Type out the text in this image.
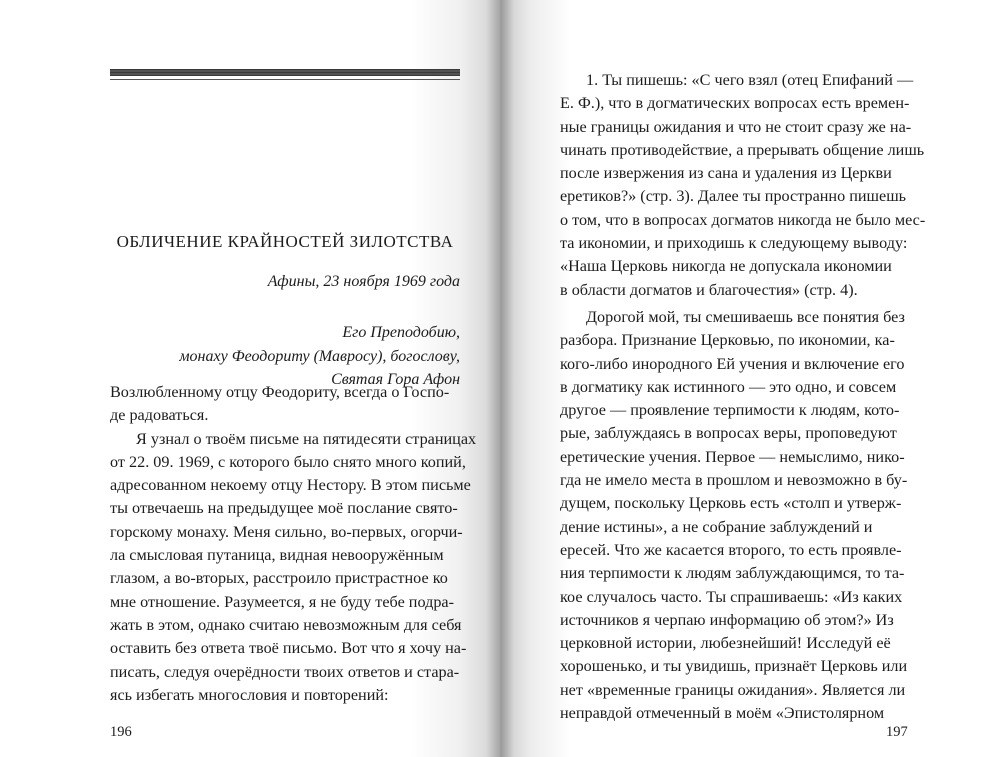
ОБЛИЧЕНИЕ КРАЙНОСТЕЙ ЗИЛОТСТВА
Афины, 23 ноября 1969 года
Его Преподобию,
монаху Феодориту (Мавросу), богослову,
Святая Гора Афон
Возлюбленному отцу Феодориту, всегда о Госпо-
де радоваться.
Я узнал о твоём письме на пятидесяти страницах
от 22. 09. 1969, с которого было снято много копий,
адресованном некоему отцу Нестору. В этом письме
ты отвечаешь на предыдущее моё послание свято-
горскому монаху. Меня сильно, во-первых, огорчи-
ла смысловая путаница, видная невооружённым
глазом, а во-вторых, расстроило пристрастное ко
мне отношение. Разумеется, я не буду тебе подра-
жать в этом, однако считаю невозможным для себя
оставить без ответа твоё письмо. Вот что я хочу на-
писать, следуя очерёдности твоих ответов и стара-
ясь избегать многословия и повторений:
196
1. Ты пишешь: «С чего взял (отец Епифаний —
Е. Ф.), что в догматических вопросах есть времен-
ные границы ожидания и что не стоит сразу же на-
чинать противодействие, а прерывать общение лишь
после извержения из сана и удаления из Церкви
еретиков?» (стр. 3). Далее ты пространно пишешь
о том, что в вопросах догматов никогда не было мес-
та икономии, и приходишь к следующему выводу:
«Наша Церковь никогда не допускала икономии
в области догматов и благочестия» (стр. 4).
Дорогой мой, ты смешиваешь все понятия без
разбора. Признание Церковью, по икономии, ка-
кого-либо инородного Ей учения и включение его
в догматику как истинного — это одно, и совсем
другое — проявление терпимости к людям, кото-
рые, заблуждаясь в вопросах веры, проповедуют
еретические учения. Первое — немыслимо, нико-
гда не имело места в прошлом и невозможно в бу-
дущем, поскольку Церковь есть «столп и утверж-
дение истины», а не собрание заблуждений и
ересей. Что же касается второго, то есть проявле-
ния терпимости к людям заблуждающимся, то та-
кое случалось часто. Ты спрашиваешь: «Из каких
источников я черпаю информацию об этом?» Из
церковной истории, любезнейший! Исследуй её
хорошенько, и ты увидишь, признаёт Церковь или
нет «временные границы ожидания». Является ли
неправдой отмеченный в моём «Эпистолярном
197
